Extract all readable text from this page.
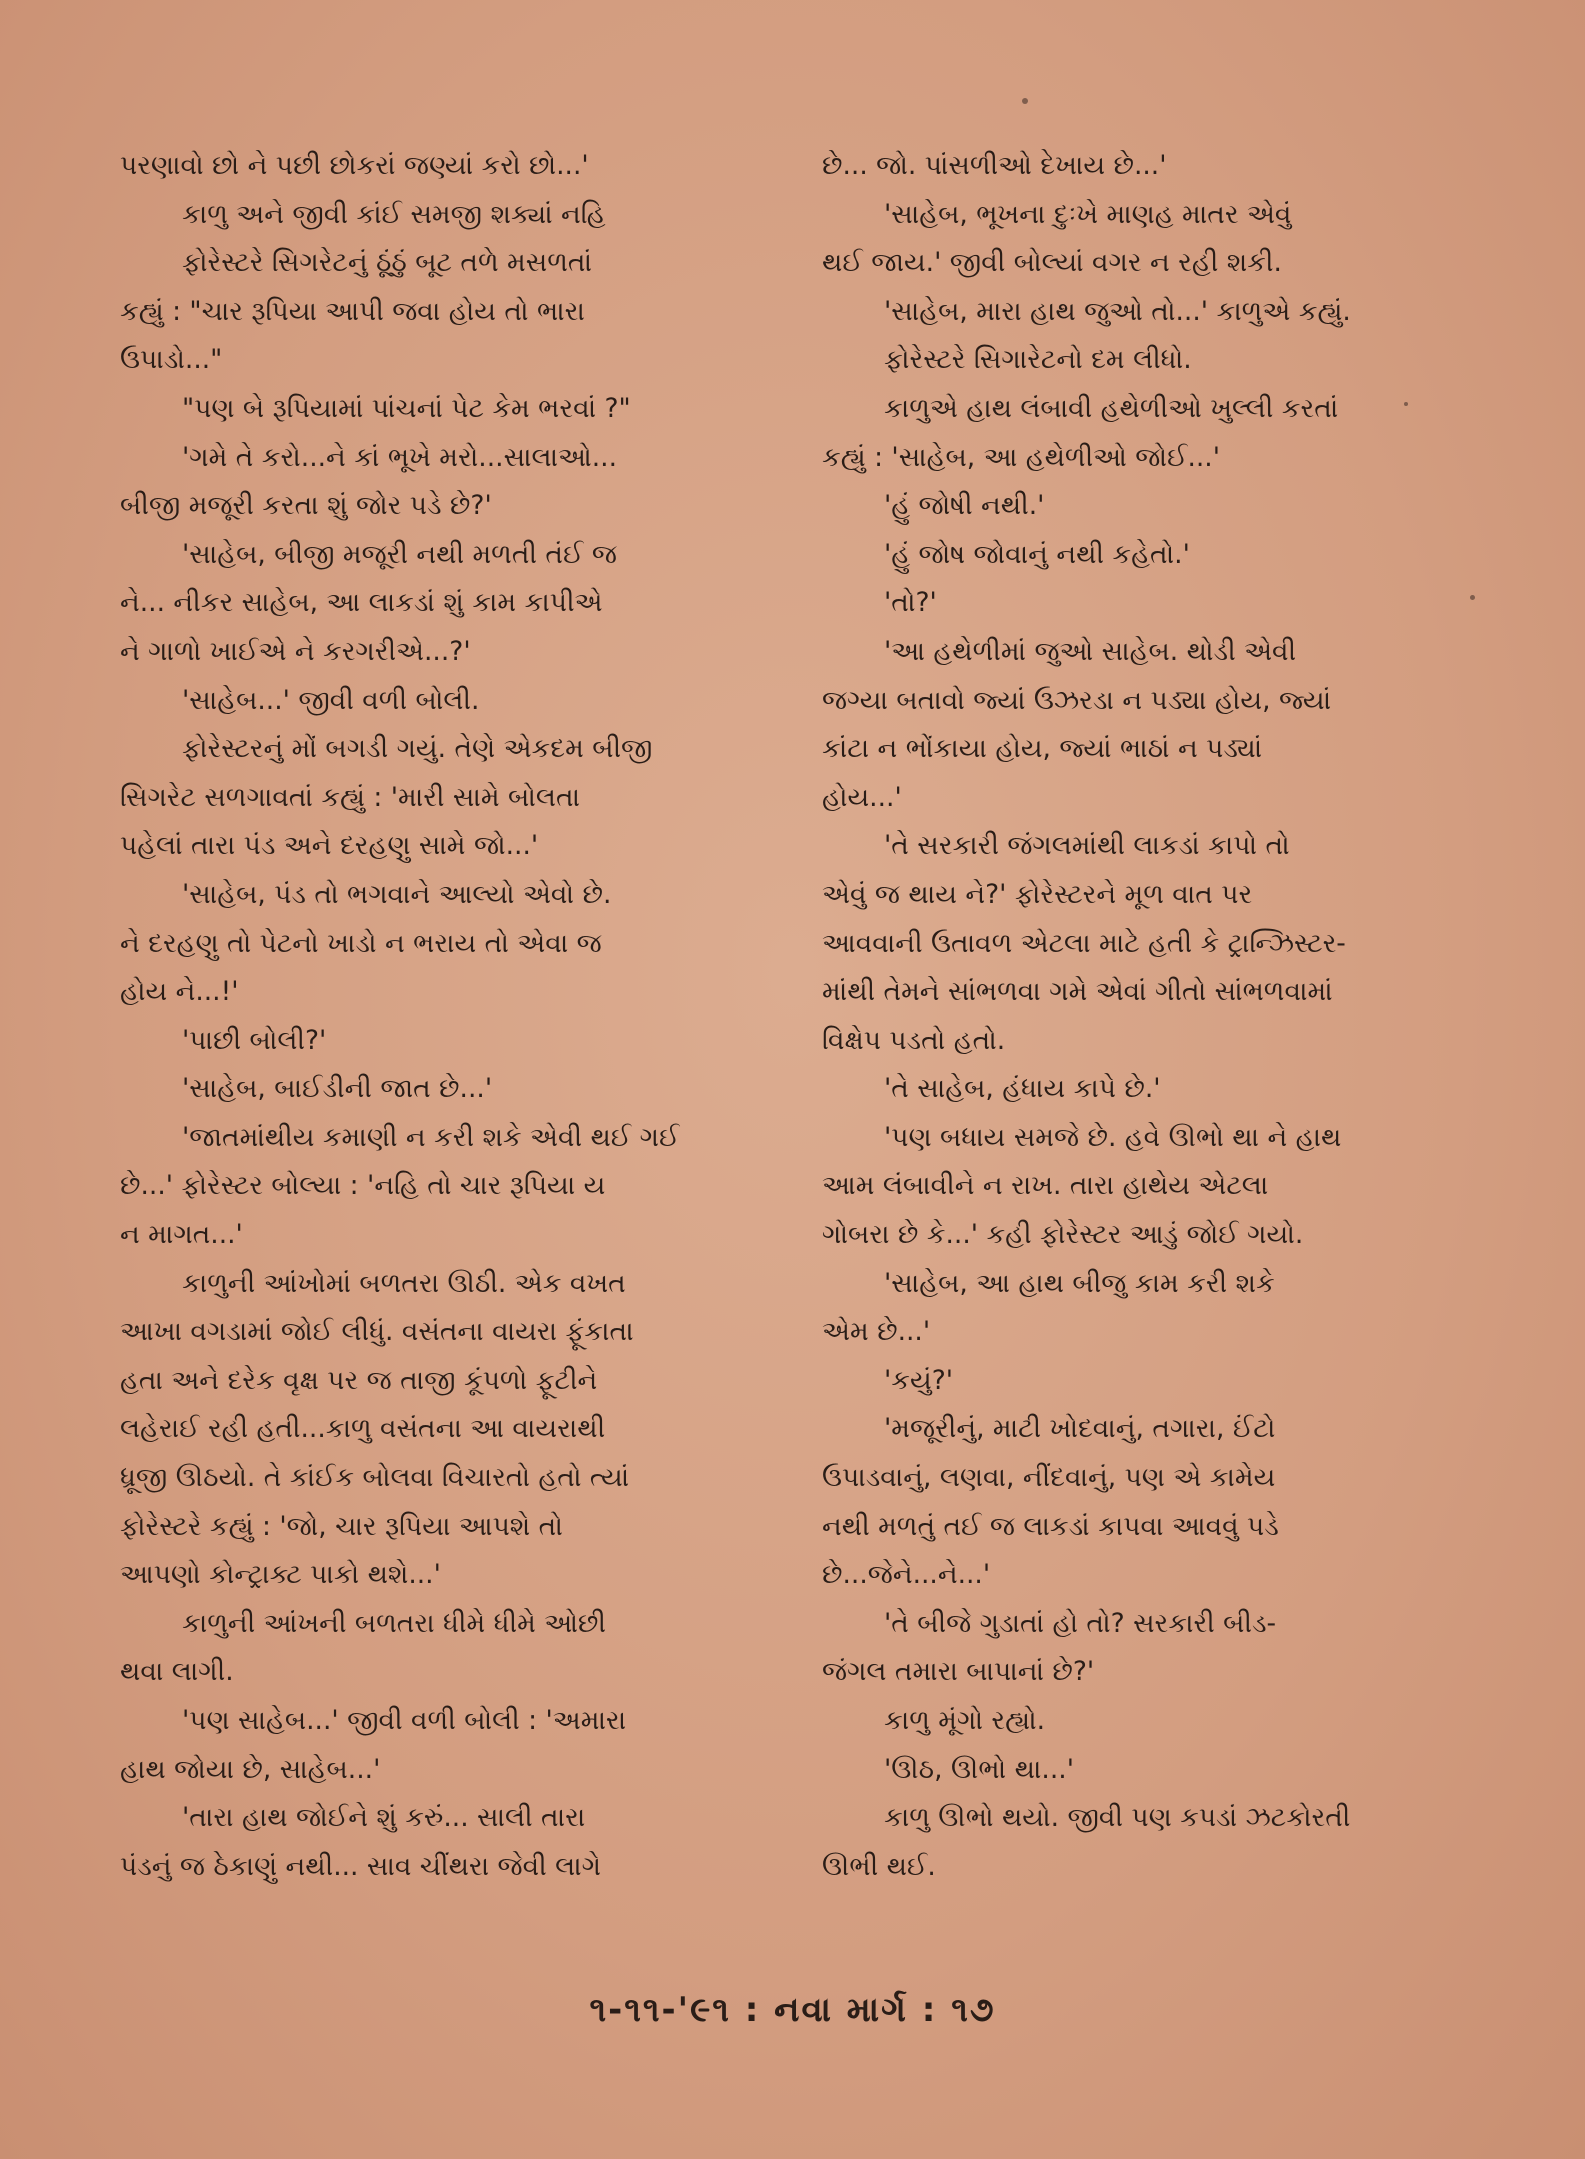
પરણાવો છો ને પછી છોકરાં જણ્યાં કરો છો...'
કાળુ અને જીવી કાંઈ સમજી શક્યાં નહિ
ફોરેસ્ટરે સિગરેટનું ઠૂંઠું બૂટ તળે મસળતાં
કહ્યું : "ચાર રૂપિયા આપી જવા હોય તો ભારા
ઉપાડો..."
"પણ બે રૂપિયામાં પાંચનાં પેટ કેમ ભરવાં ?"
'ગમે તે કરો...ને કાં ભૂખે મરો...સાલાઓ...
બીજી મજૂરી કરતા શું જોર પડે છે?'
'સાહેબ, બીજી મજૂરી નથી મળતી તંઈ જ
ને... નીકર સાહેબ, આ લાકડાં શું કામ કાપીએ
ને ગાળો ખાઈએ ને કરગરીએ...?'
'સાહેબ...' જીવી વળી બોલી.
ફોરેસ્ટરનું મોં બગડી ગયું. તેણે એકદમ બીજી
સિગરેટ સળગાવતાં કહ્યું : 'મારી સામે બોલતા
પહેલાં તારા પંડ અને દરહણુ સામે જો...'
'સાહેબ, પંડ તો ભગવાને આલ્યો એવો છે.
ને દરહણુ તો પેટનો ખાડો ન ભરાય તો એવા જ
હોય ને...!'
'પાછી બોલી?'
'સાહેબ, બાઈડીની જાત છે...'
'જાતમાંથીય કમાણી ન કરી શકે એવી થઈ ગઈ
છે...' ફોરેસ્ટર બોલ્યા : 'નહિ તો ચાર રૂપિયા ય
ન માગત...'
કાળુની આંખોમાં બળતરા ઊઠી. એક વખત
આખા વગડામાં જોઈ લીધું. વસંતના વાયરા ફૂંકાતા
હતા અને દરેક વૃક્ષ પર જ તાજી કૂંપળો ફૂટીને
લહેરાઈ રહી હતી...કાળુ વસંતના આ વાયરાથી
ધ્રૂજી ઊઠયો. તે કાંઈક બોલવા વિચારતો હતો ત્યાં
ફોરેસ્ટરે કહ્યું : 'જો, ચાર રૂપિયા આપશે તો
આપણો કોન્ટ્રાક્ટ પાકો થશે...'
કાળુની આંખની બળતરા ધીમે ધીમે ઓછી
થવા લાગી.
'પણ સાહેબ...' જીવી વળી બોલી : 'અમારા
હાથ જોયા છે, સાહેબ...'
'તારા હાથ જોઈને શું કરું... સાલી તારા
પંડનું જ ઠેકાણું નથી... સાવ ચીંથરા જેવી લાગે
છે... જો. પાંસળીઓ દેખાય છે...'
'સાહેબ, ભૂખના દુઃખે માણહ માતર એવું
થઈ જાય.' જીવી બોલ્યાં વગર ન રહી શકી.
'સાહેબ, મારા હાથ જુઓ તો...' કાળુએ કહ્યું.
ફોરેસ્ટરે સિગારેટનો દમ લીધો.
કાળુએ હાથ લંબાવી હથેળીઓ ખુલ્લી કરતાં
કહ્યું : 'સાહેબ, આ હથેળીઓ જોઈ...'
'હું જોષી નથી.'
'હું જોષ જોવાનું નથી કહેતો.'
'તો?'
'આ હથેળીમાં જુઓ સાહેબ. થોડી એવી
જગ્યા બતાવો જ્યાં ઉઝરડા ન પડ્યા હોય, જ્યાં
કાંટા ન ભોંકાયા હોય, જ્યાં ભાઠાં ન પડ્યાં
હોય...'
'તે સરકારી જંગલમાંથી લાકડાં કાપો તો
એવું જ થાય ને?' ફોરેસ્ટરને મૂળ વાત પર
આવવાની ઉતાવળ એટલા માટે હતી કે ટ્રાન્ઝિસ્ટર-
માંથી તેમને સાંભળવા ગમે એવાં ગીતો સાંભળવામાં
વિક્ષેપ પડતો હતો.
'તે સાહેબ, હંધાય કાપે છે.'
'પણ બધાય સમજે છે. હવે ઊભો થા ને હાથ
આમ લંબાવીને ન રાખ. તારા હાથેય એટલા
ગોબરા છે કે...' કહી ફોરેસ્ટર આડું જોઈ ગયો.
'સાહેબ, આ હાથ બીજુ કામ કરી શકે
એમ છે...'
'કયું?'
'મજૂરીનું, માટી ખોદવાનું, તગારા, ઈંટો
ઉપાડવાનું, લણવા, નીંદવાનું, પણ એ કામેય
નથી મળતું તઈ જ લાકડાં કાપવા આવવું પડે
છે...જેને...ને...'
'તે બીજે ગુડાતાં હો તો? સરકારી બીડ-
જંગલ તમારા બાપાનાં છે?'
કાળુ મૂંગો રહ્યો.
'ઊઠ, ઊભો થા...'
કાળુ ઊભો થયો. જીવી પણ કપડાં ઝટકોરતી
ઊભી થઈ.
૧-૧૧-'૯૧ : નવા માર્ગ : ૧૭
